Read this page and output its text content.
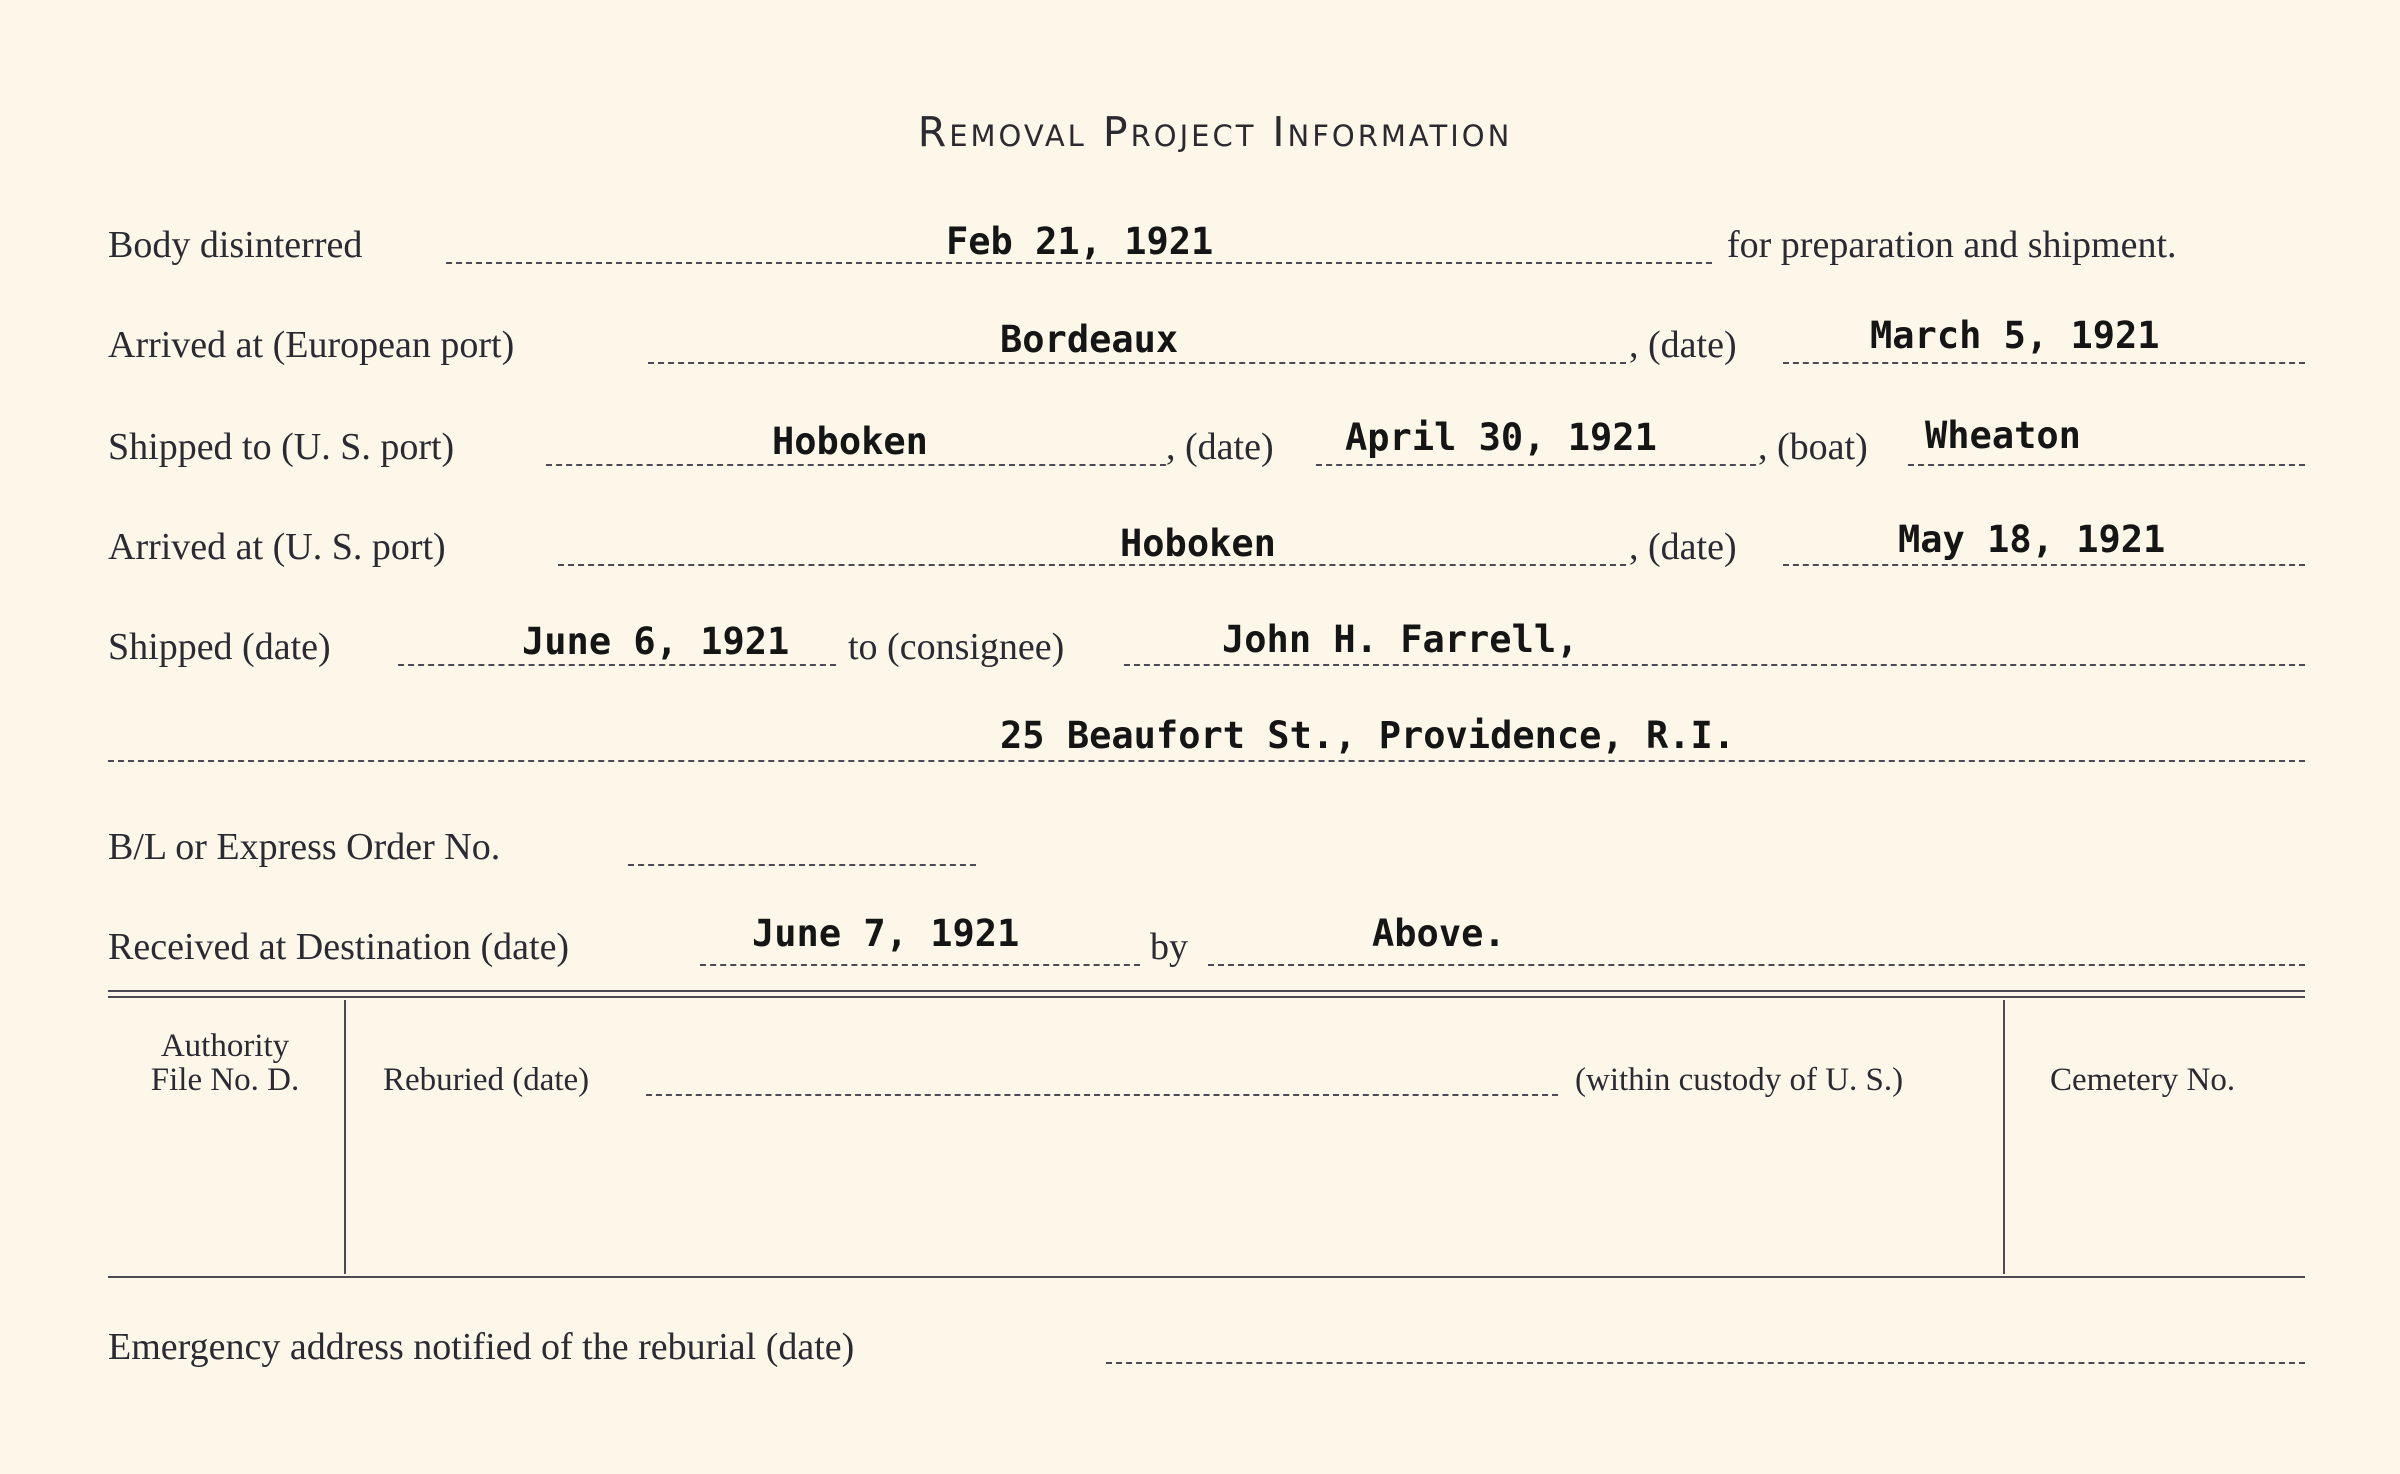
Removal Project Information
Body disinterred	Feb 21, 1921	for preparation and shipment.
Arrived at (European port)	Bordeaux	, (date)	March 5, 1921
Shipped to (U. S. port)	Hoboken	, (date) April 30, 1921	, (boat) Wheaton
Arrived at (U. S. port)	Hoboken	, (date)	May 18, 1921
Shipped (date)	June 6, 1921 to (consignee)	John H. Farrell,
25 Beaufort St., Providence, R.I.
B/L or Express Order No.
Received at Destination (date)	June 7, 1921	by	Above.
Authority
File No. D.	Reburied (date)	(within custody of U. S.)	Cemetery No.
Emergency address notified of the reburial (date)
